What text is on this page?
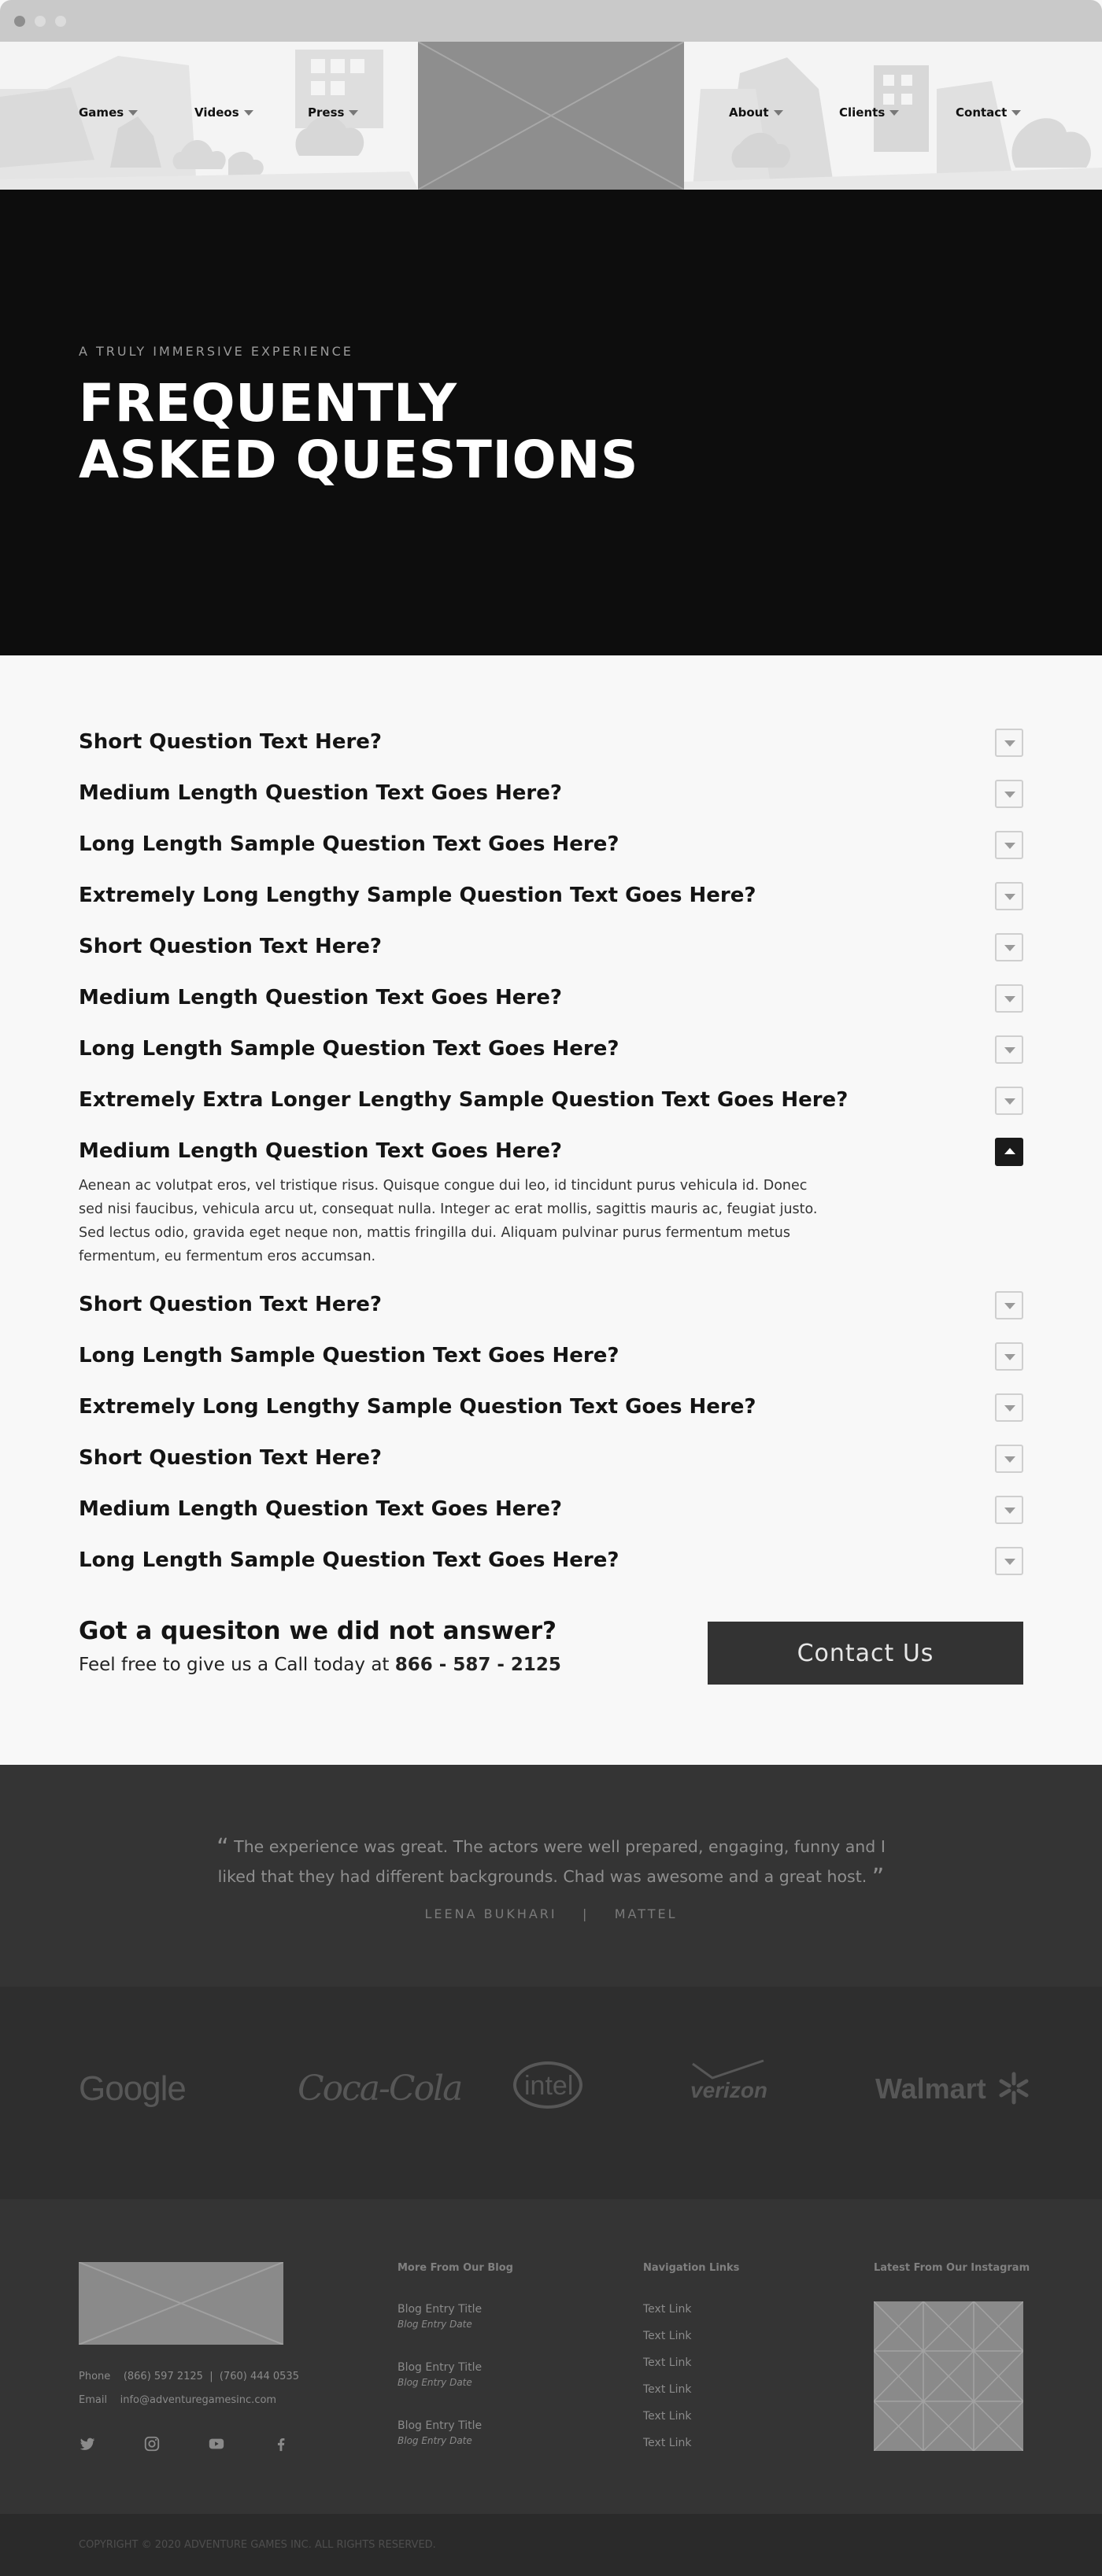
Games	Videos	Press	About	Clients	Contact
A TRULY IMMERSIVE EXPERIENCE
FREQUENTLY
ASKED QUESTIONS
Short Question Text Here?
Medium Length Question Text Goes Here?
Long Length Sample Question Text Goes Here?
Extremely Long Lengthy Sample Question Text Goes Here?
Short Question Text Here?
Medium Length Question Text Goes Here?
Long Length Sample Question Text Goes Here?
Extremely Extra Longer Lengthy Sample Question Text Goes Here?
Medium Length Question Text Goes Here?
Aenean ac volutpat eros, vel tristique risus. Quisque congue dui leo, id tincidunt purus vehicula id. Donec sed nisi faucibus, vehicula arcu ut, consequat nulla. Integer ac erat mollis, sagittis mauris ac, feugiat justo. Sed lectus odio, gravida eget neque non, mattis fringilla dui. Aliquam pulvinar purus fermentum metus fermentum, eu fermentum eros accumsan.
Short Question Text Here?
Long Length Sample Question Text Goes Here?
Extremely Long Lengthy Sample Question Text Goes Here?
Short Question Text Here?
Medium Length Question Text Goes Here?
Long Length Sample Question Text Goes Here?
Got a quesiton we did not answer?
Feel free to give us a Call today at 866 - 587 - 2125	Contact Us
“ The experience was great. The actors were well prepared, engaging, funny and I
liked that they had different backgrounds. Chad was awesome and a great host. ”
LEENA BUKHARI | MATTEL
Google	Coca-Cola intel	verizon	Walmart
Phone (866) 597 2125 | (760) 444 0535
Email info@adventuregamesinc.com
More From Our Blog
Blog Entry Title
Blog Entry Date
Blog Entry Title
Blog Entry Date
Blog Entry Title
Blog Entry Date
Navigation Links
Text Link
Text Link
Text Link
Text Link
Text Link
Text Link
Latest From Our Instagram
COPYRIGHT © 2020 ADVENTURE GAMES INC. ALL RIGHTS RESERVED.
